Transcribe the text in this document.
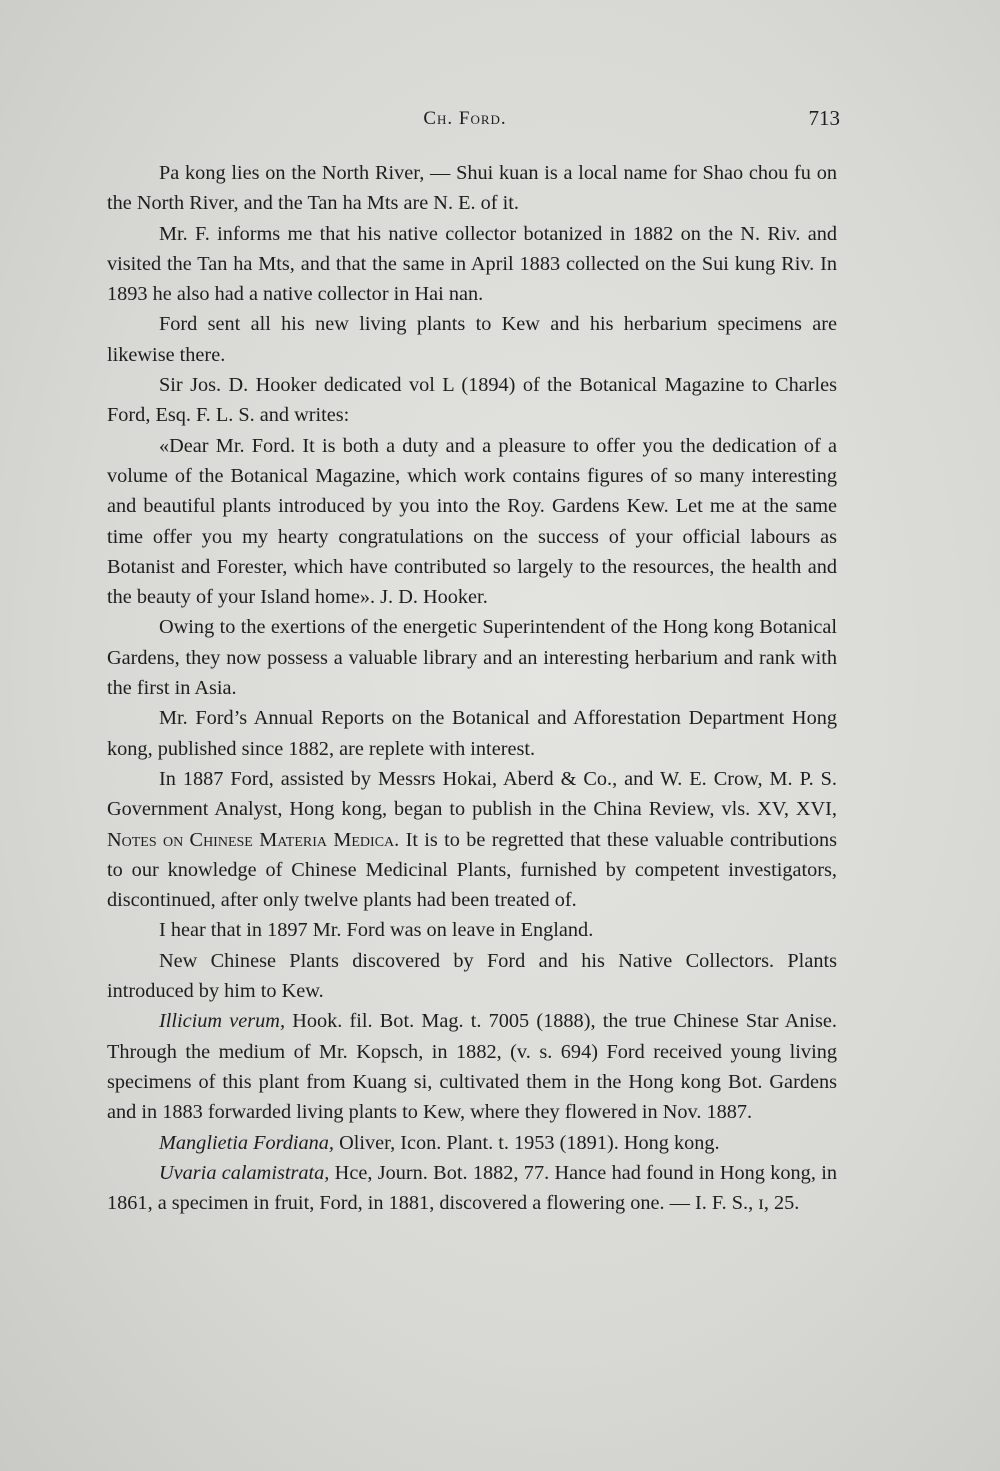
Ch. Ford.	713

Pa kong lies on the North River, — Shui kuan is a local name for Shao chou fu on the North River, and the Tan ha Mts are N. E. of it.

Mr. F. informs me that his native collector botanized in 1882 on the N. Riv. and visited the Tan ha Mts, and that the same in April 1883 collected on the Sui kung Riv. In 1893 he also had a native collector in Hai nan.

Ford sent all his new living plants to Kew and his herbarium specimens are likewise there.

Sir Jos. D. Hooker dedicated vol L (1894) of the Botanical Magazine to Charles Ford, Esq. F. L. S. and writes:

«Dear Mr. Ford. It is both a duty and a pleasure to offer you the dedication of a volume of the Botanical Magazine, which work contains figures of so many interesting and beautiful plants introduced by you into the Roy. Gardens Kew. Let me at the same time offer you my hearty congratulations on the success of your official labours as Botanist and Forester, which have contributed so largely to the resources, the health and the beauty of your Island home». J. D. Hooker.

Owing to the exertions of the energetic Superintendent of the Hong kong Botanical Gardens, they now possess a valuable library and an interesting herbarium and rank with the first in Asia.

Mr. Ford’s Annual Reports on the Botanical and Afforestation Department Hong kong, published since 1882, are replete with interest.

In 1887 Ford, assisted by Messrs Hokai, Aberd & Co., and W. E. Crow, M. P. S. Government Analyst, Hong kong, began to publish in the China Review, vls. XV, XVI, Notes on Chinese Materia Medica. It is to be regretted that these valuable contributions to our knowledge of Chinese Medicinal Plants, furnished by competent investigators, discontinued, after only twelve plants had been treated of.

I hear that in 1897 Mr. Ford was on leave in England.

New Chinese Plants discovered by Ford and his Native Collectors. Plants introduced by him to Kew.

Illicium verum, Hook. fil. Bot. Mag. t. 7005 (1888), the true Chinese Star Anise. Through the medium of Mr. Kopsch, in 1882, (v. s. 694) Ford received young living specimens of this plant from Kuang si, cultivated them in the Hong kong Bot. Gardens and in 1883 forwarded living plants to Kew, where they flowered in Nov. 1887.

Manglietia Fordiana, Oliver, Icon. Plant. t. 1953 (1891). Hong kong.

Uvaria calamistrata, Hce, Journ. Bot. 1882, 77. Hance had found in Hong kong, in 1861, a specimen in fruit, Ford, in 1881, discovered a flowering one. — I. F. S., ɪ, 25.
